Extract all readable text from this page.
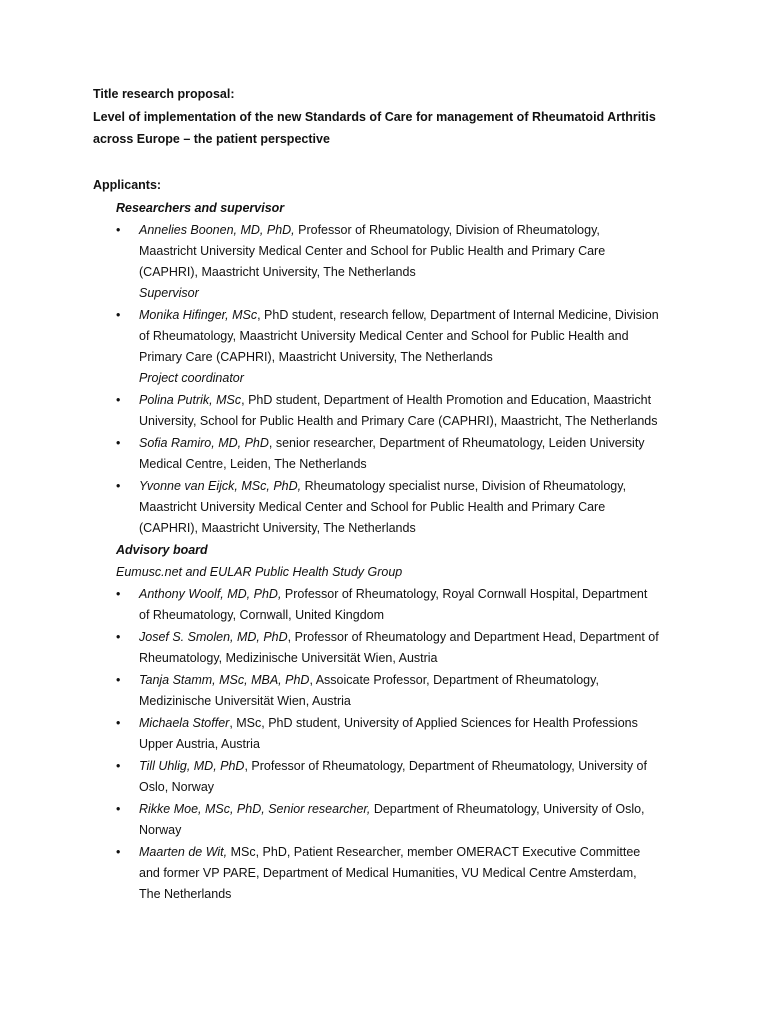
Title research proposal:
Level of implementation of the new Standards of Care for management of Rheumatoid Arthritis
across Europe – the patient perspective
Applicants:
Researchers and supervisor
• Annelies Boonen, MD, PhD, Professor of Rheumatology, Division of Rheumatology,
Maastricht University Medical Center and School for Public Health and Primary Care
(CAPHRI), Maastricht University, The Netherlands
Supervisor
• Monika Hifinger, MSc, PhD student, research fellow, Department of Internal Medicine, Division
of Rheumatology, Maastricht University Medical Center and School for Public Health and
Primary Care (CAPHRI), Maastricht University, The Netherlands
Project coordinator
• Polina Putrik, MSc, PhD student, Department of Health Promotion and Education, Maastricht
University, School for Public Health and Primary Care (CAPHRI), Maastricht, The Netherlands
• Sofia Ramiro, MD, PhD, senior researcher, Department of Rheumatology, Leiden University
Medical Centre, Leiden, The Netherlands
• Yvonne van Eijck, MSc, PhD, Rheumatology specialist nurse, Division of Rheumatology,
Maastricht University Medical Center and School for Public Health and Primary Care
(CAPHRI), Maastricht University, The Netherlands
Advisory board
Eumusc.net and EULAR Public Health Study Group
• Anthony Woolf, MD, PhD, Professor of Rheumatology, Royal Cornwall Hospital, Department
of Rheumatology, Cornwall, United Kingdom
• Josef S. Smolen, MD, PhD, Professor of Rheumatology and Department Head, Department of
Rheumatology, Medizinische Universität Wien, Austria
• Tanja Stamm, MSc, MBA, PhD, Assoicate Professor, Department of Rheumatology,
Medizinische Universität Wien, Austria
• Michaela Stoffer, MSc, PhD student, University of Applied Sciences for Health Professions
Upper Austria, Austria
• Till Uhlig, MD, PhD, Professor of Rheumatology, Department of Rheumatology, University of
Oslo, Norway
• Rikke Moe, MSc, PhD, Senior researcher, Department of Rheumatology, University of Oslo,
Norway
• Maarten de Wit, MSc, PhD, Patient Researcher, member OMERACT Executive Committee
and former VP PARE, Department of Medical Humanities, VU Medical Centre Amsterdam,
The Netherlands
